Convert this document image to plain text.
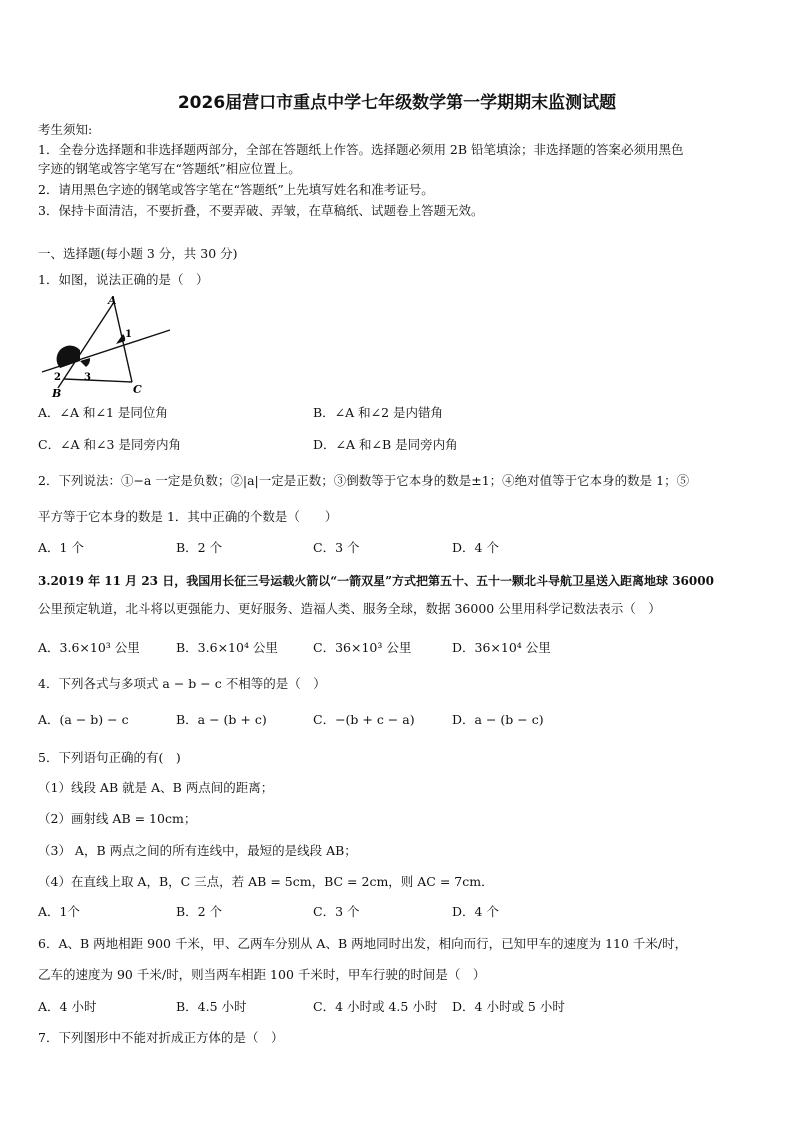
2026届营口市重点中学七年级数学第一学期期末监测试题
考生须知:
1．全卷分选择题和非选择题两部分，全部在答题纸上作答。选择题必须用 2B 铅笔填涂；非选择题的答案必须用黑色
字迹的钢笔或答字笔写在“答题纸”相应位置上。
2．请用黑色字迹的钢笔或答字笔在“答题纸”上先填写姓名和准考证号。
3．保持卡面清洁，不要折叠，不要弄破、弄皱，在草稿纸、试题卷上答题无效。
一、选择题(每小题 3 分，共 30 分)
1．如图，说法正确的是（　）
A
B	C
1
2 3
A．∠A 和∠1 是同位角	B．∠A 和∠2 是内错角
C．∠A 和∠3 是同旁内角	D．∠A 和∠B 是同旁内角
2．下列说法：①−a 一定是负数；②|a|一定是正数；③倒数等于它本身的数是±1；④绝对值等于它本身的数是 1；⑤
平方等于它本身的数是 1．其中正确的个数是（　　）
A．1 个	B．2 个	C．3 个	D．4 个
3.2019 年 11 月 23 日，我国用长征三号运载火箭以“一箭双星”方式把第五十、五十一颗北斗导航卫星送入距离地球 36000
公里预定轨道，北斗将以更强能力、更好服务、造福人类、服务全球，数据 36000 公里用科学记数法表示（　）
A．3.6×10³ 公里	B．3.6×10⁴ 公里	C．36×10³ 公里	D．36×10⁴ 公里
4．下列各式与多项式 a − b − c 不相等的是（　）
A．(a − b) − c	B．a − (b + c)	C．−(b + c − a)	D．a − (b − c)
5．下列语句正确的有(　)
（1）线段 AB 就是 A、B 两点间的距离；
（2）画射线 AB = 10cm；
（3） A，B 两点之间的所有连线中，最短的是线段 AB；
（4）在直线上取 A，B，C 三点，若 AB = 5cm，BC = 2cm，则 AC = 7cm．
A．1个	B．2 个	C．3 个	D．4 个
6．A、B 两地相距 900 千米，甲、乙两车分别从 A、B 两地同时出发，相向而行，已知甲车的速度为 110 千米/时，
乙车的速度为 90 千米/时，则当两车相距 100 千米时，甲车行驶的时间是（　）
A．4 小时	B．4.5 小时	C．4 小时或 4.5 小时 D．4 小时或 5 小时
7．下列图形中不能对折成正方体的是（　）
